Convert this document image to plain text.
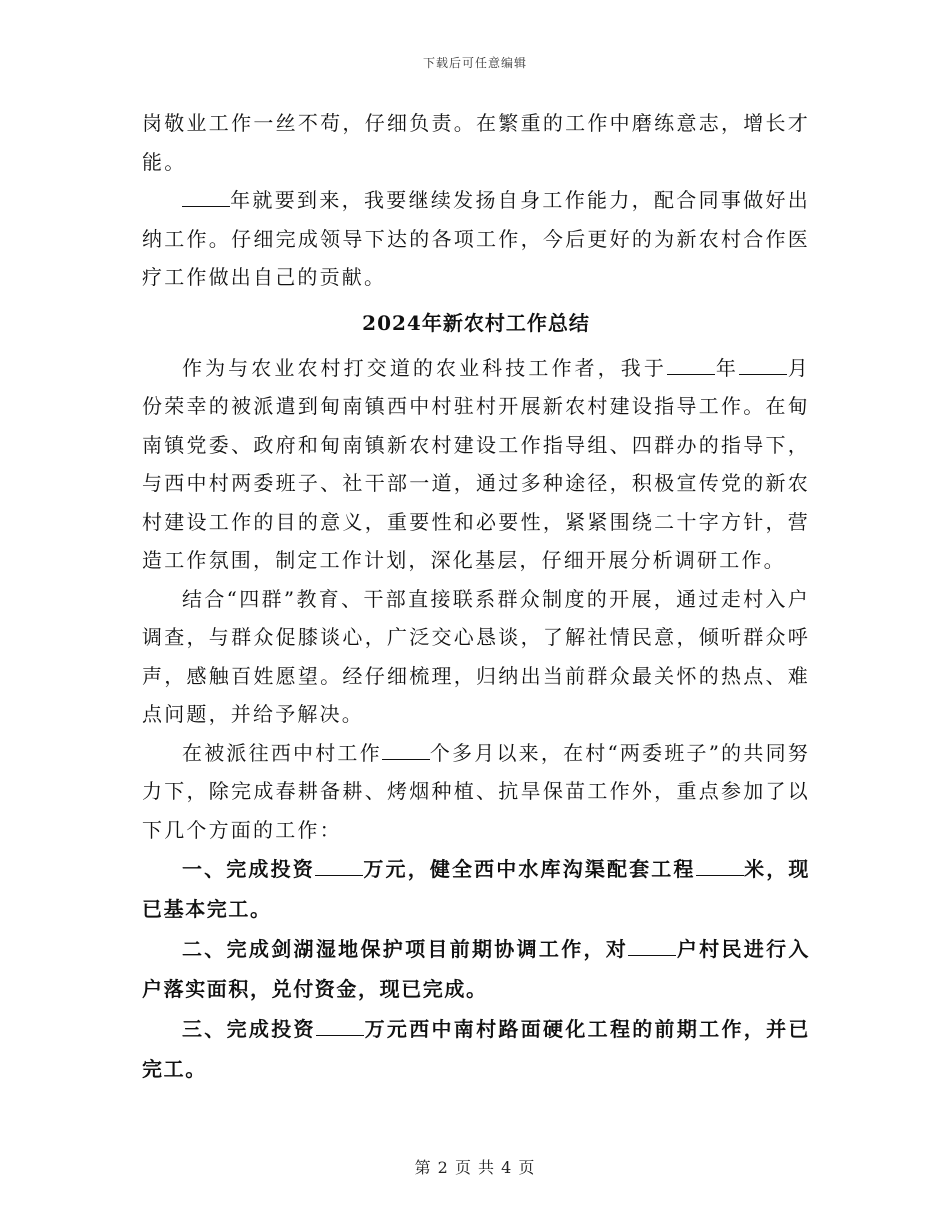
下载后可任意编辑

岗敬业工作一丝不苟，仔细负责。在繁重的工作中磨练意志，增长才能。

年就要到来，我要继续发扬自身工作能力，配合同事做好出纳工作。仔细完成领导下达的各项工作，今后更好的为新农村合作医疗工作做出自己的贡献。

2024年新农村工作总结

作为与农业农村打交道的农业科技工作者，我于 年 月份荣幸的被派遣到甸南镇西中村驻村开展新农村建设指导工作。在甸南镇党委、政府和甸南镇新农村建设工作指导组、四群办的指导下，与西中村两委班子、社干部一道，通过多种途径，积极宣传党的新农村建设工作的目的意义，重要性和必要性，紧紧围绕二十字方针，营造工作氛围，制定工作计划，深化基层，仔细开展分析调研工作。

结合“四群”教育、干部直接联系群众制度的开展，通过走村入户调查，与群众促膝谈心，广泛交心恳谈，了解社情民意，倾听群众呼声，感触百姓愿望。经仔细梳理，归纳出当前群众最关怀的热点、难点问题，并给予解决。

在被派往西中村工作 个多月以来，在村“两委班子”的共同努力下，除完成春耕备耕、烤烟种植、抗旱保苗工作外，重点参加了以下几个方面的工作：

一、完成投资 万元，健全西中水库沟渠配套工程 米，现已基本完工。

二、完成剑湖湿地保护项目前期协调工作，对 户村民进行入户落实面积，兑付资金，现已完成。

三、完成投资 万元西中南村路面硬化工程的前期工作，并已完工。

第 2 页 共 4 页
